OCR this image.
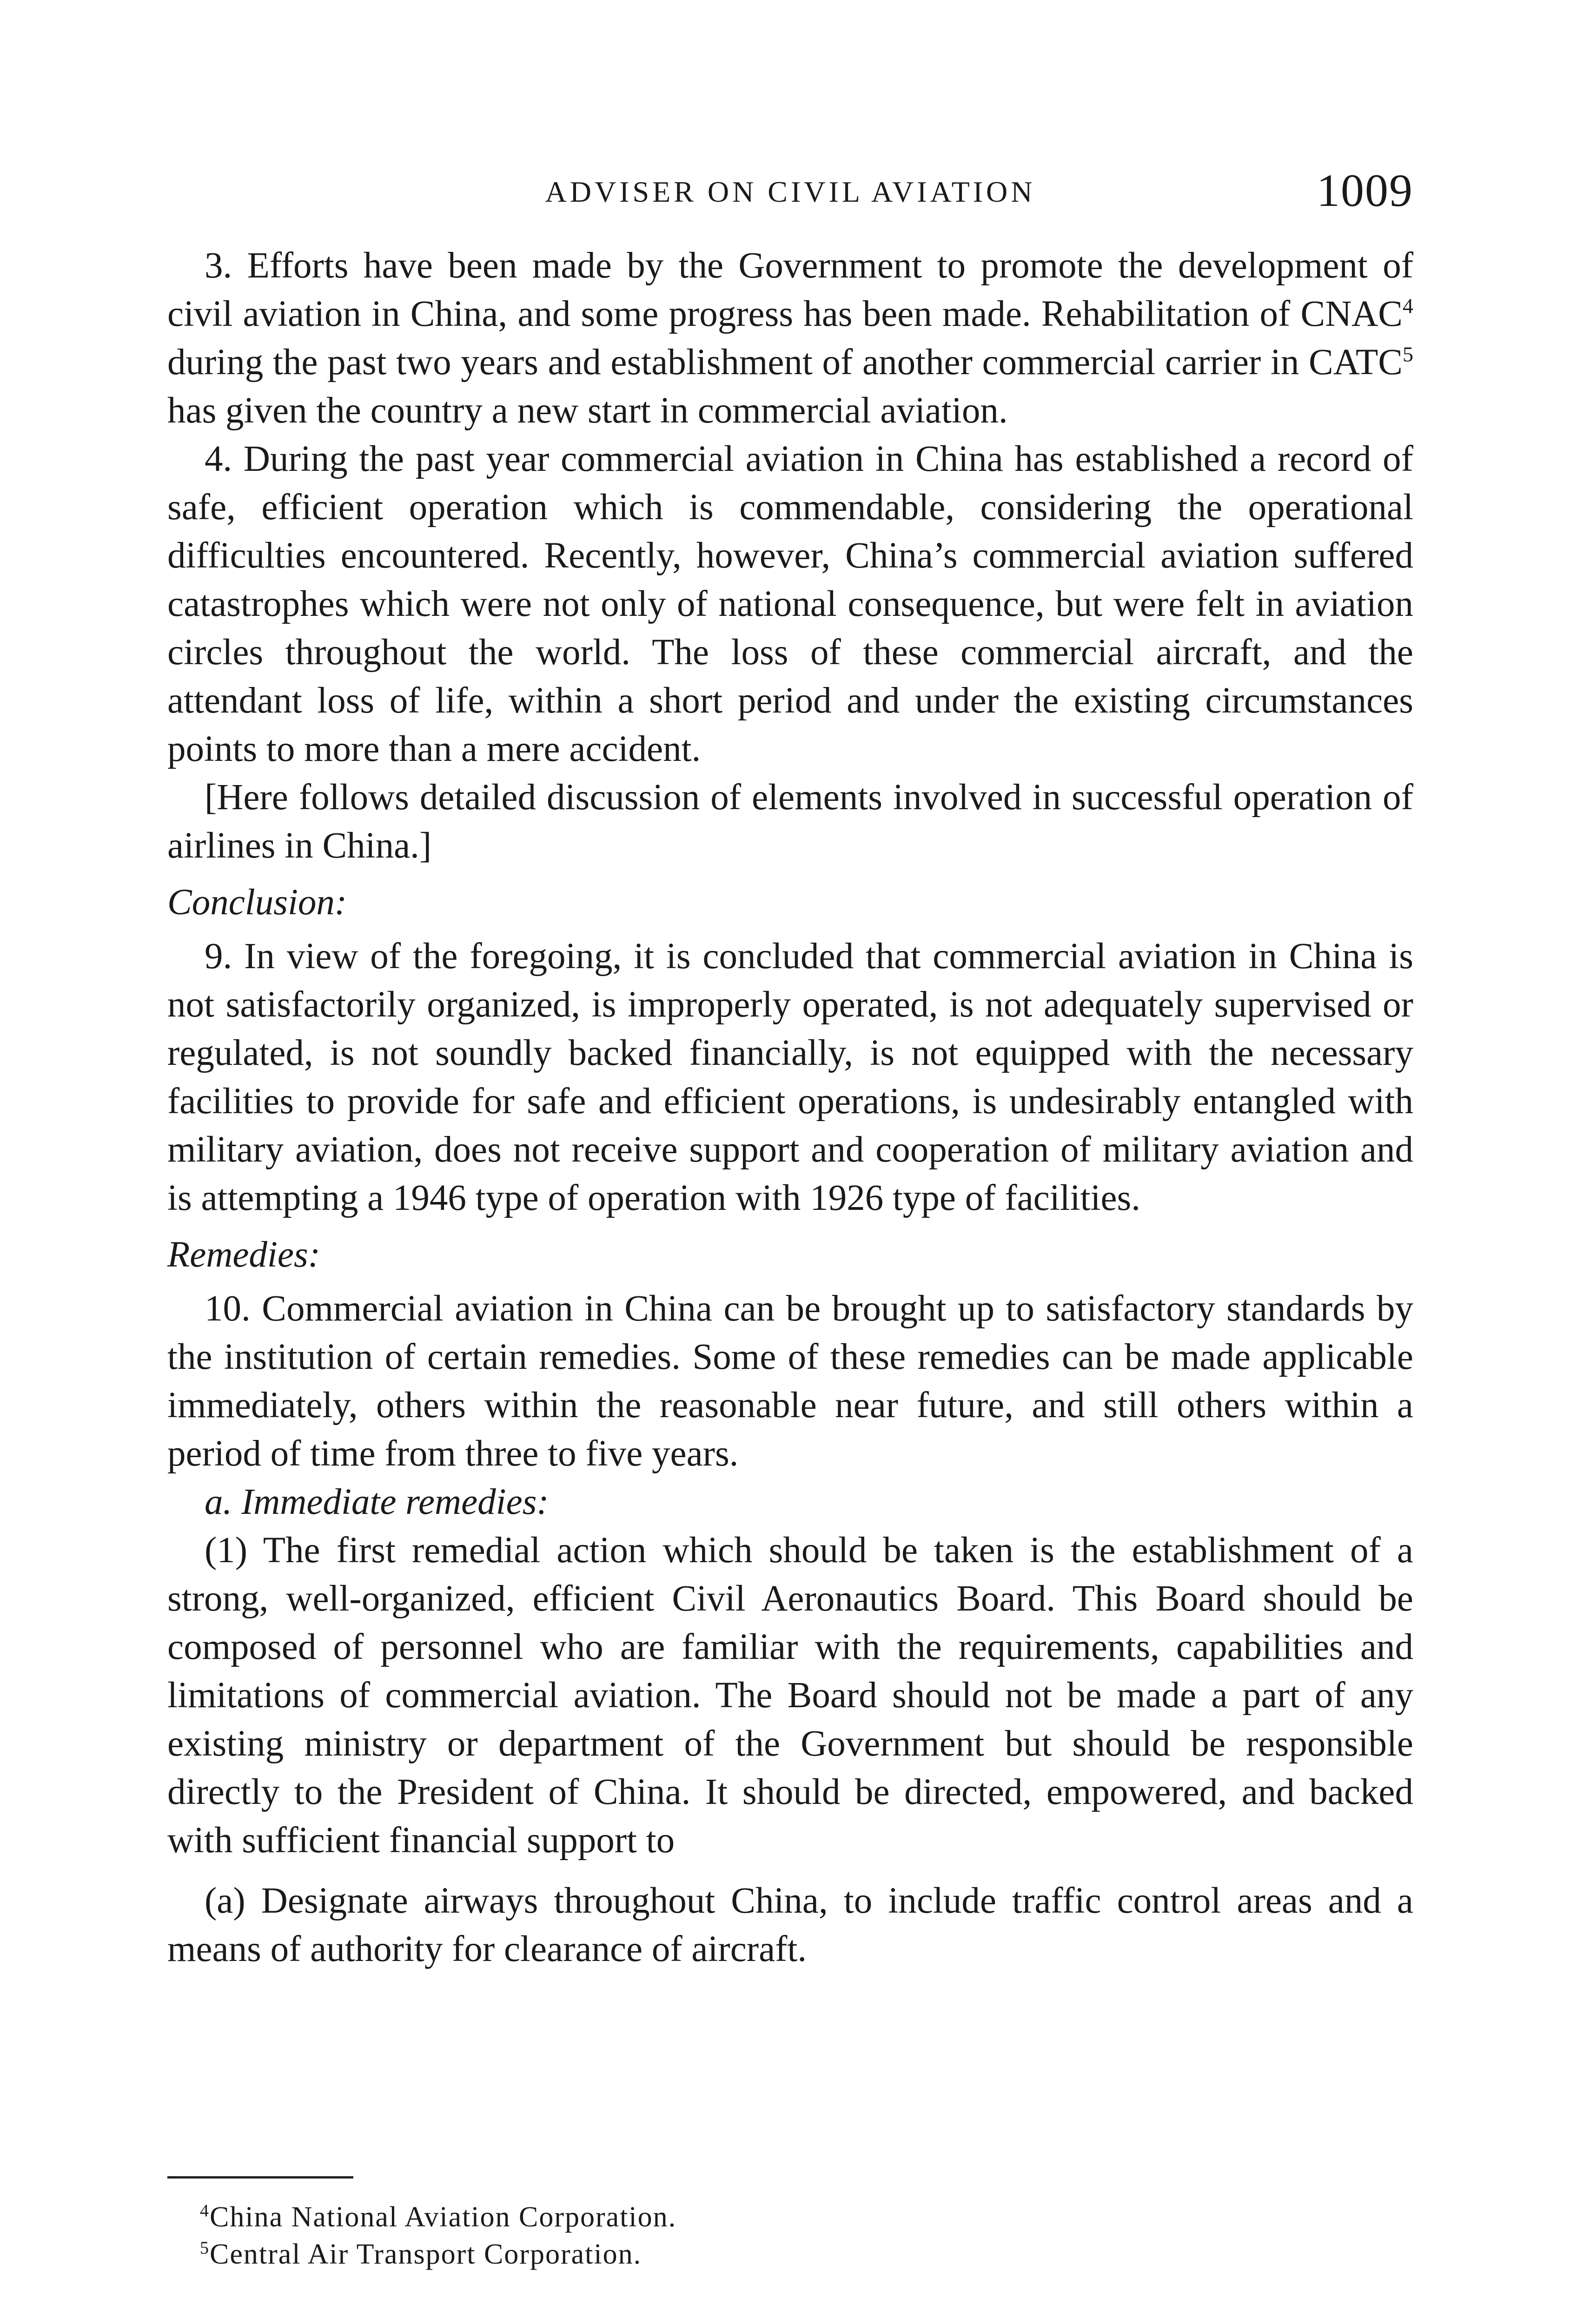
ADVISER ON CIVIL AVIATION	1009

3. Efforts have been made by the Government to promote the development of civil aviation in China, and some progress has been made. Rehabilitation of CNAC$^4$ during the past two years and establishment of another commercial carrier in CATC$^5$ has given the country a new start in commercial aviation.

4. During the past year commercial aviation in China has established a record of safe, efficient operation which is commendable, considering the operational difficulties encountered. Recently, however, China’s commercial aviation suffered catastrophes which were not only of national consequence, but were felt in aviation circles throughout the world. The loss of these commercial aircraft, and the attendant loss of life, within a short period and under the existing circumstances points to more than a mere accident.

[Here follows detailed discussion of elements involved in successful operation of airlines in China.]

Conclusion:

9. In view of the foregoing, it is concluded that commercial aviation in China is not satisfactorily organized, is improperly operated, is not adequately supervised or regulated, is not soundly backed financially, is not equipped with the necessary facilities to provide for safe and efficient operations, is undesirably entangled with military aviation, does not receive support and cooperation of military aviation and is attempting a 1946 type of operation with 1926 type of facilities.

Remedies:

10. Commercial aviation in China can be brought up to satisfactory standards by the institution of certain remedies. Some of these remedies can be made applicable immediately, others within the reasonable near future, and still others within a period of time from three to five years.

a. Immediate remedies:

(1) The first remedial action which should be taken is the establishment of a strong, well-organized, efficient Civil Aeronautics Board. This Board should be composed of personnel who are familiar with the requirements, capabilities and limitations of commercial aviation. The Board should not be made a part of any existing ministry or department of the Government but should be responsible directly to the President of China. It should be directed, empowered, and backed with sufficient financial support to

(a) Designate airways throughout China, to include traffic control areas and a means of authority for clearance of aircraft.

$^4$China National Aviation Corporation.
$^5$Central Air Transport Corporation.
